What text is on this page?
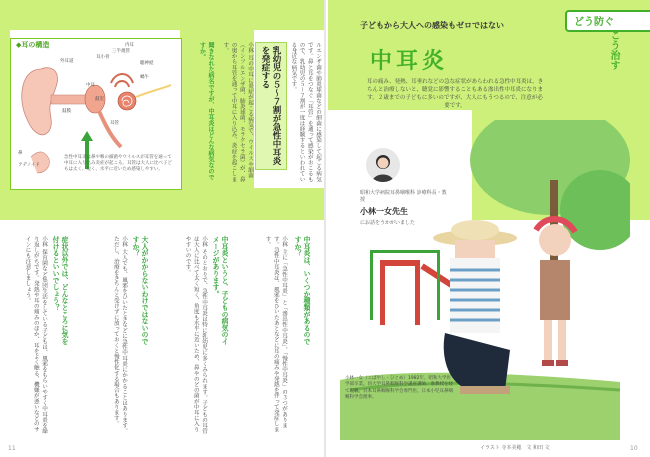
◆耳の構造
外耳道
鼓膜
中耳
内耳
鼓室
蝸牛
耳小骨
聴神経
三半規管
耳管
鼻
アデノイド
急性中耳炎は鼻や喉の細菌やウイルスが耳管を通って中耳に入り込み炎症が起こる。耳管は大人に比べ子どもは太く、短く、水平に近いため感染しやすい。	聞きなれた病名ですが、中耳炎はどんな病気なのですか。	小林 耳の中耳に炎症が起こる病気で、ウイルスや細菌（インフルエンザ菌、肺炎球菌、モラクセラ菌）が、鼻の奥から耳管を通って中耳に入り込み、炎症を起こします。	乳幼児の５〜７割が急性中耳炎を発症する	ルエンザ菌や肺炎球菌などの細菌に感染して起こる病気です。鼻と耳をつなぐ「耳管」を通って感染がおこるもので、乳幼児の５〜７割が一度は経験するといわれている身近な病気です。
中耳炎は、いくつか種類があるのですか？
小林 主に「急性中耳炎」と「滲出性中耳炎」、「慢性中耳炎」の３つがあります。急性中耳炎は、風邪をひいたあとなどに耳の痛みや発熱を伴って発症します。
中耳炎というと、子どもの病気のイメージがあります。
小林 そのとおりで、急性中耳炎は特に乳幼児に多くみられます。子どもの耳管は大人に比べて太く短く、角度も水平に近いため、鼻やのどの菌が中耳に入りやすいのです。
大人がかからないわけではないのですか？
小林 大人でも、風邪をひいたときなどに急性中耳炎にかかることはあります。ただし、治療をきちんと受けずに放っておくと慢性化する場合もあります。
症状以外では、どんなところに気を付けるといいでしょう？
小林 保育園など集団生活をしている子どもは、風邪をもらいやすく中耳炎を繰り返しがちです。発熱や耳の痛みのほか、耳をよく触る、機嫌が悪いなどのサインにも注意しましょう。
子どもから大人への感染もゼロではない
中耳炎
耳の痛み、発熱、耳垂れなどの急な症状があらわれる急性中耳炎は、きちんと治療しないと、聴覚に影響することもある滲出性中耳炎になります。２歳までの子どもに多いのですが、大人にもうつるので、注意が必要です。
どう防ぐ
こう治す
昭和大学病院耳鼻咽喉科 診療科長・教授
小林一女先生
にお話をうかがいました
小林一女（こばやし・ひとめ）1982年、昭和大学医学部卒業。同大学耳鼻咽喉科学講座講師、准教授を経て現職。日本耳鼻咽喉科学会専門医、日本小児耳鼻咽喉科学会理事。
イラスト 寺本美穂　文 和田 文
11	10
